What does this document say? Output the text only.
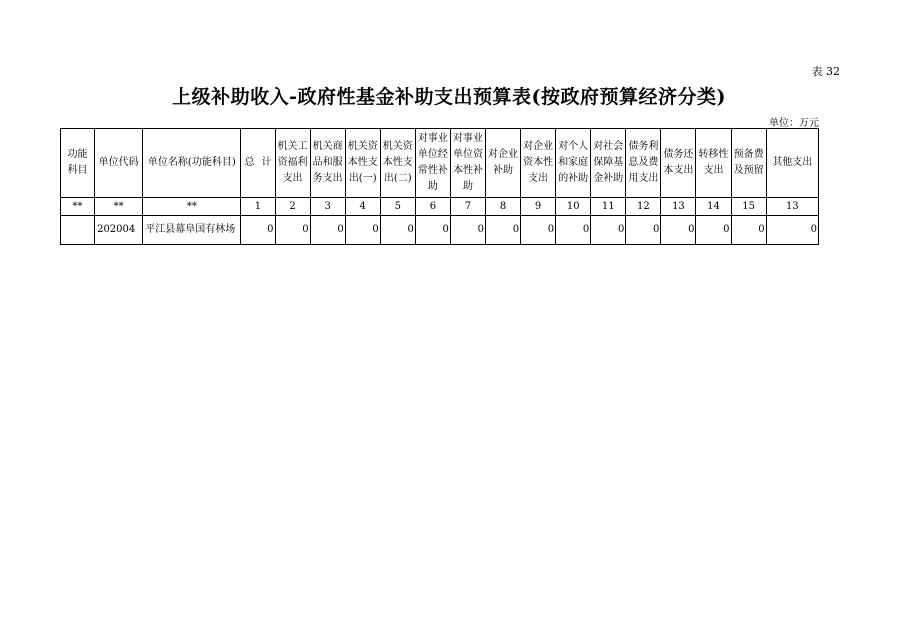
表 32
上级补助收入-政府性基金补助支出预算表(按政府预算经济分类)
单位：万元
功能
科目	单位代码	单位名称(功能科目)	总 计	机关工
资福利
支出	机关商
品和服
务支出	机关资
本性支
出(一)	机关资
本性支
出(二)	对事业
单位经
常性补
助	对事业
单位资
本性补
助	对企业
补助	对企业
资本性
支出	对个人
和家庭
的补助	对社会
保障基
金补助	债务利
息及费
用支出	债务还
本支出	转移性
支出	预备费
及预留	其他支出
**	**	**	1	2	3	4	5	6	7	8	9	10	11	12	13	14	15	13
	202004	平江县幕阜国有林场	0	0	0	0	0	0	0	0	0	0	0	0	0	0	0	0
